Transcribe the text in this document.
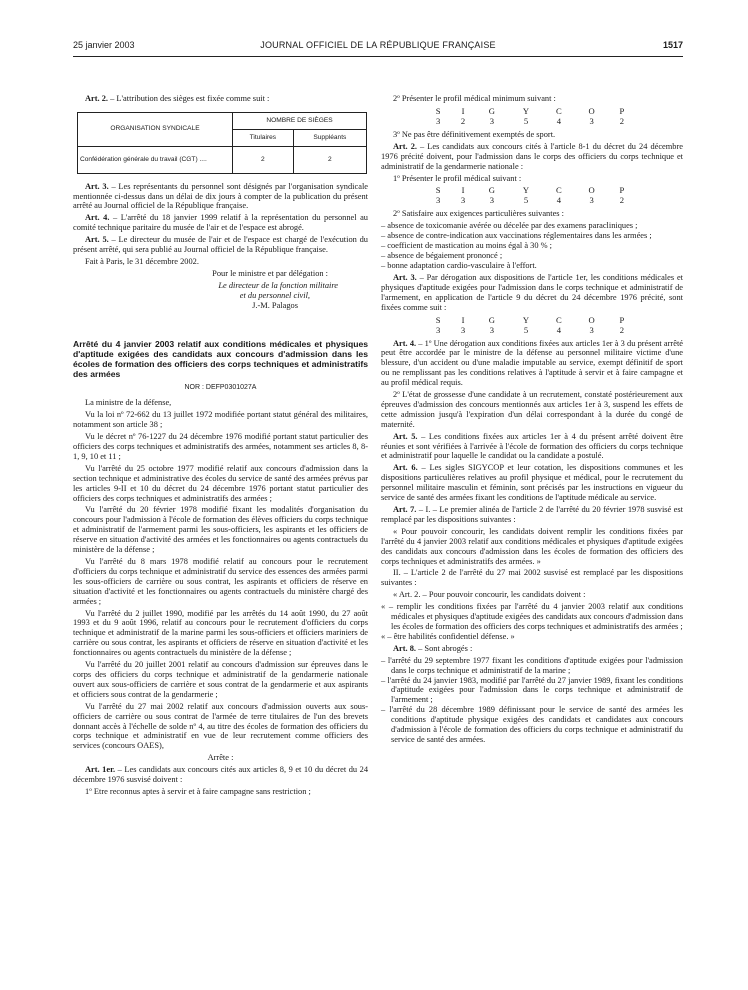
25 janvier 2003	JOURNAL OFFICIEL DE LA RÉPUBLIQUE FRANÇAISE	1517

Art. 2. – L'attribution des sièges est fixée comme suit :

ORGANISATION SYNDICALE	NOMBRE DE SIÈGES	
	Titulaires	Suppléants
Confédération générale du travail (CGT) ....	2	2

Art. 3. – Les représentants du personnel sont désignés par l'organisation syndicale mentionnée ci-dessus dans un délai de dix jours à compter de la publication du présent arrêté au Journal officiel de la République française.

Art. 4. – L'arrêté du 18 janvier 1999 relatif à la représentation du personnel au comité technique paritaire du musée de l'air et de l'espace est abrogé.

Art. 5. – Le directeur du musée de l'air et de l'espace est chargé de l'exécution du présent arrêté, qui sera publié au Journal officiel de la République française.

Fait à Paris, le 31 décembre 2002.

Pour le ministre et par délégation :

Le directeur de la fonction militaire

et du personnel civil,

J.-M. Palagos

Arrêté du 4 janvier 2003 relatif aux conditions médicales et physiques d'aptitude exigées des candidats aux concours d'admission dans les écoles de formation des officiers des corps techniques et administratifs des armées

NOR : DEFP0301027A

La ministre de la défense,

Vu la loi nº 72-662 du 13 juillet 1972 modifiée portant statut général des militaires, notamment son article 38 ;

Vu le décret nº 76-1227 du 24 décembre 1976 modifié portant statut particulier des officiers des corps techniques et administratifs des armées, notamment ses articles 8, 8-1, 9, 10 et 11 ;

Vu l'arrêté du 25 octobre 1977 modifié relatif aux concours d'admission dans la section technique et administrative des écoles du service de santé des armées prévus par les articles 9-II et 10 du décret du 24 décembre 1976 portant statut particulier des officiers des corps techniques et administratifs des armées ;

Vu l'arrêté du 20 février 1978 modifié fixant les modalités d'organisation du concours pour l'admission à l'école de formation des élèves officiers du corps technique et administratif de l'armement parmi les sous-officiers, les aspirants et les officiers de réserve en situation d'activité des armées et les fonctionnaires ou agents contractuels du ministère de la défense ;

Vu l'arrêté du 8 mars 1978 modifié relatif au concours pour le recrutement d'officiers du corps technique et administratif du service des essences des armées parmi les sous-officiers de carrière ou sous contrat, les aspirants et officiers de réserve en situation d'activité et les fonctionnaires ou agents contractuels du ministère chargé des armées ;

Vu l'arrêté du 2 juillet 1990, modifié par les arrêtés du 14 août 1990, du 27 août 1993 et du 9 août 1996, relatif au concours pour le recrutement d'officiers du corps technique et administratif de la marine parmi les sous-officiers et officiers mariniers de carrière ou sous contrat, les aspirants et officiers de réserve en situation d'activité et les fonctionnaires ou agents contractuels du ministère de la défense ;

Vu l'arrêté du 20 juillet 2001 relatif au concours d'admission sur épreuves dans le corps des officiers du corps technique et administratif de la gendarmerie nationale ouvert aux sous-officiers de carrière et sous contrat de la gendarmerie et aux aspirants et officiers sous contrat de la gendarmerie ;

Vu l'arrêté du 27 mai 2002 relatif aux concours d'admission ouverts aux sous-officiers de carrière ou sous contrat de l'armée de terre titulaires de l'un des brevets donnant accès à l'échelle de solde nº 4, au titre des écoles de formation des officiers du corps technique et administratif en vue de leur recrutement comme officiers des services (concours OAES),

Arrête :

Art. 1er. – Les candidats aux concours cités aux articles 8, 9 et 10 du décret du 24 décembre 1976 susvisé doivent :

1º Etre reconnus aptes à servir et à faire campagne sans restriction ;

2º Présenter le profil médical minimum suivant :

S	I	G	Y	C	O	P
3	2	3	5	4	3	2

3º Ne pas être définitivement exemptés de sport.

Art. 2. – Les candidats aux concours cités à l'article 8-1 du décret du 24 décembre 1976 précité doivent, pour l'admission dans le corps des officiers du corps technique et administratif de la gendarmerie nationale :

1º Présenter le profil médical suivant :

S	I	G	Y	C	O	P
3	3	3	5	4	3	2

2º Satisfaire aux exigences particulières suivantes :

– absence de toxicomanie avérée ou décelée par des examens paracliniques ;
– absence de contre-indication aux vaccinations réglementaires dans les armées ;
– coefficient de mastication au moins égal à 30 % ;
– absence de bégaiement prononcé ;
– bonne adaptation cardio-vasculaire à l'effort.

Art. 3. – Par dérogation aux dispositions de l'article 1er, les conditions médicales et physiques d'aptitude exigées pour l'admission dans le corps technique et administratif de l'armement, en application de l'article 9 du décret du 24 décembre 1976 précité, sont fixées comme suit :

S	I	G	Y	C	O	P
3	3	3	5	4	3	2

Art. 4. – 1º Une dérogation aux conditions fixées aux articles 1er à 3 du présent arrêté peut être accordée par le ministre de la défense au personnel militaire victime d'une blessure, d'un accident ou d'une maladie imputable au service, exempt définitif de sport ou ne remplissant pas les conditions relatives à l'aptitude à servir et à faire campagne et au profil médical requis.

2º L'état de grossesse d'une candidate à un recrutement, constaté postérieurement aux épreuves d'admission des concours mentionnés aux articles 1er à 3, suspend les effets de cette admission jusqu'à l'expiration d'un délai correspondant à la durée du congé de maternité.

Art. 5. – Les conditions fixées aux articles 1er à 4 du présent arrêté doivent être réunies et sont vérifiées à l'arrivée à l'école de formation des officiers du corps technique et administratif pour laquelle le candidat ou la candidate a postulé.

Art. 6. – Les sigles SIGYCOP et leur cotation, les dispositions communes et les dispositions particulières relatives au profil physique et médical, pour le recrutement du personnel militaire masculin et féminin, sont précisés par les instructions en vigueur du service de santé des armées fixant les conditions de l'aptitude médicale au service.

Art. 7. – I. – Le premier alinéa de l'article 2 de l'arrêté du 20 février 1978 susvisé est remplacé par les dispositions suivantes :

« Pour pouvoir concourir, les candidats doivent remplir les conditions fixées par l'arrêté du 4 janvier 2003 relatif aux conditions médicales et physiques d'aptitude exigées des candidats aux concours d'admission dans les écoles de formation des officiers des corps techniques et administratifs des armées. »

II. – L'article 2 de l'arrêté du 27 mai 2002 susvisé est remplacé par les dispositions suivantes :

« Art. 2. – Pour pouvoir concourir, les candidats doivent :

« – remplir les conditions fixées par l'arrêté du 4 janvier 2003 relatif aux conditions médicales et physiques d'aptitude exigées des candidats aux concours d'admission dans les écoles de formation des officiers des corps techniques et administratifs des armées ;
« – être habilités confidentiel défense. »

Art. 8. – Sont abrogés :

– l'arrêté du 29 septembre 1977 fixant les conditions d'aptitude exigées pour l'admission dans le corps technique et administratif de la marine ;
– l'arrêté du 24 janvier 1983, modifié par l'arrêté du 27 janvier 1989, fixant les conditions d'aptitude exigées pour l'admission dans le corps technique et administratif de l'armement ;
– l'arrêté du 28 décembre 1989 définissant pour le service de santé des armées les conditions d'aptitude physique exigées des candidats et candidates aux concours d'admission à l'école de formation des officiers du corps technique et administratif du service de santé des armées.
